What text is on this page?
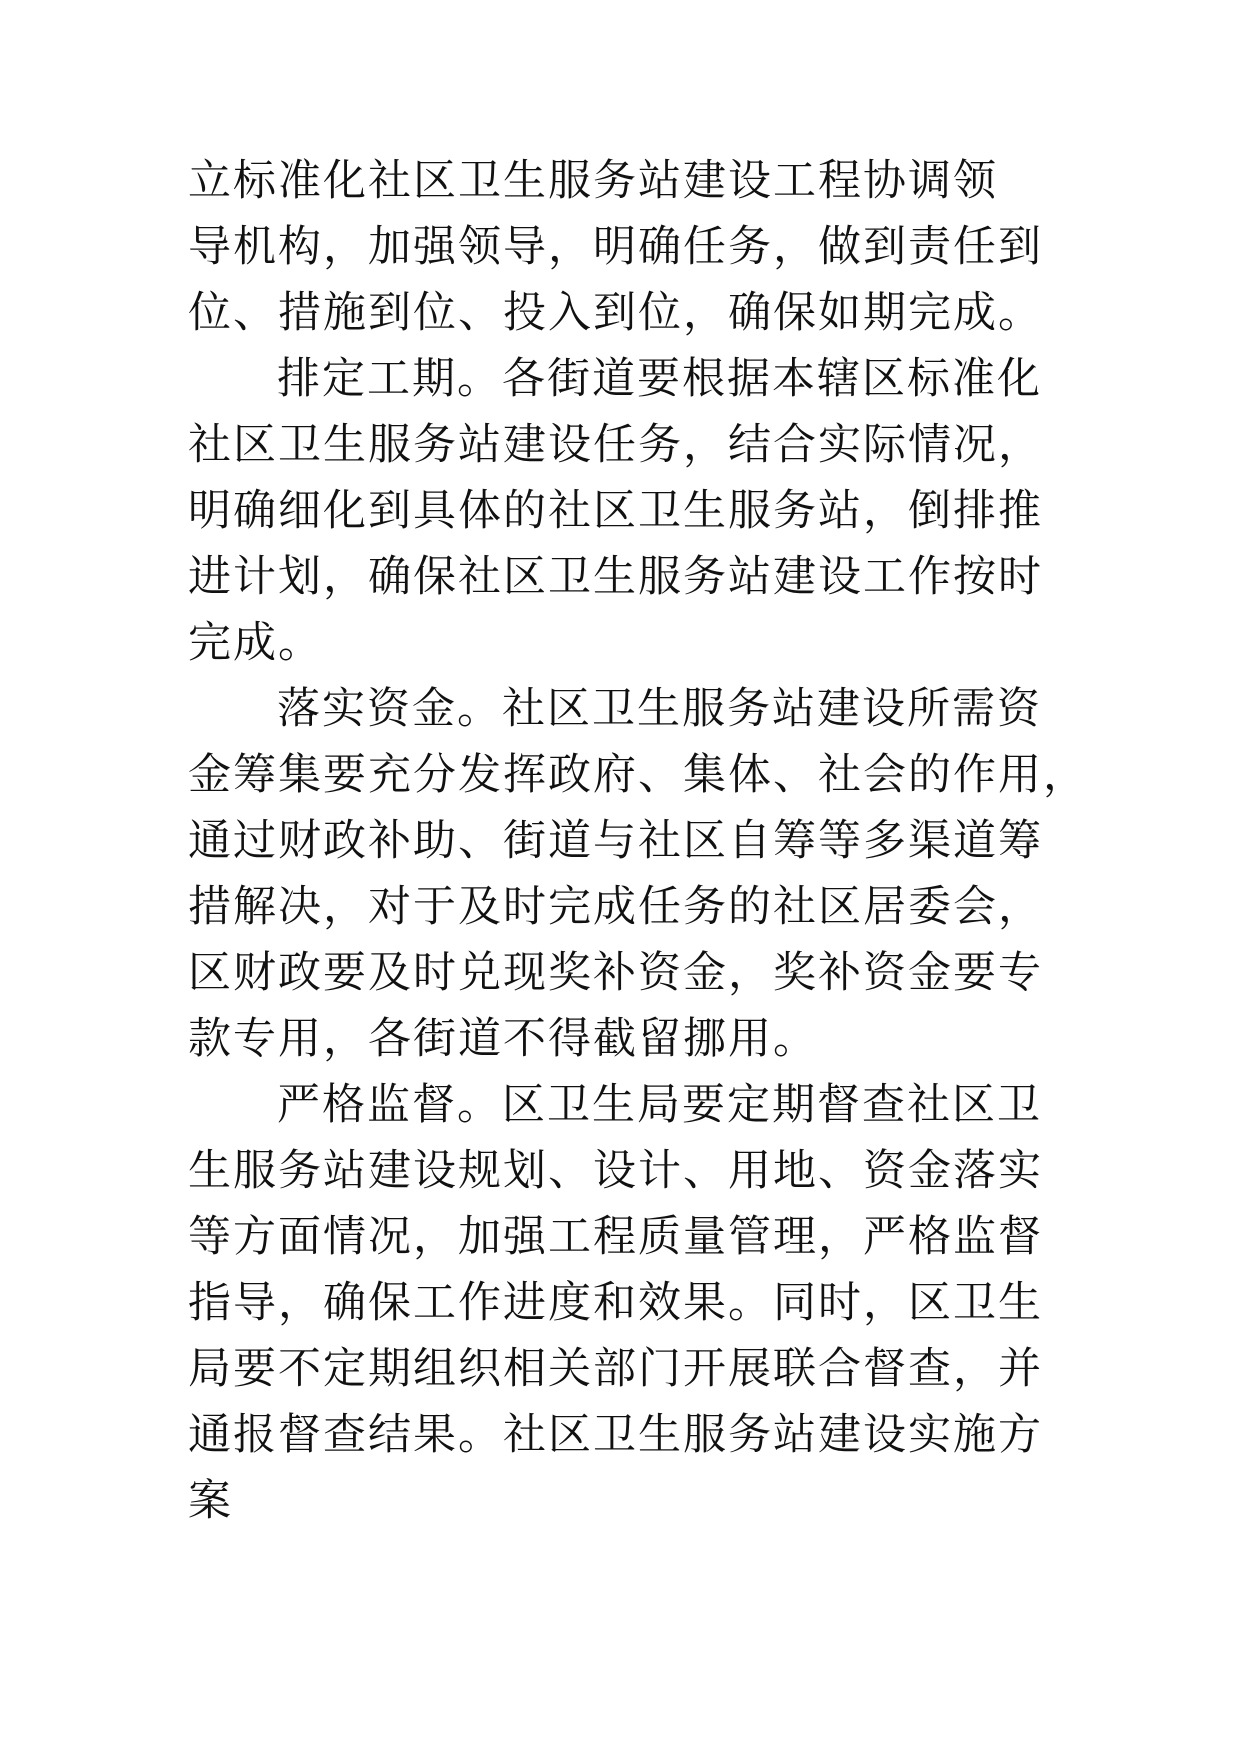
立标准化社区卫生服务站建设工程协调领
导机构，加强领导，明确任务，做到责任到
位、措施到位、投入到位，确保如期完成。

排定工期。各街道要根据本辖区标准化
社区卫生服务站建设任务，结合实际情况，
明确细化到具体的社区卫生服务站，倒排推
进计划，确保社区卫生服务站建设工作按时
完成。

落实资金。社区卫生服务站建设所需资
金筹集要充分发挥政府、集体、社会的作用，
通过财政补助、街道与社区自筹等多渠道筹
措解决，对于及时完成任务的社区居委会，
区财政要及时兑现奖补资金，奖补资金要专
款专用，各街道不得截留挪用。

严格监督。区卫生局要定期督查社区卫
生服务站建设规划、设计、用地、资金落实
等方面情况，加强工程质量管理，严格监督
指导，确保工作进度和效果。同时，区卫生
局要不定期组织相关部门开展联合督查，并
通报督查结果。社区卫生服务站建设实施方
案
